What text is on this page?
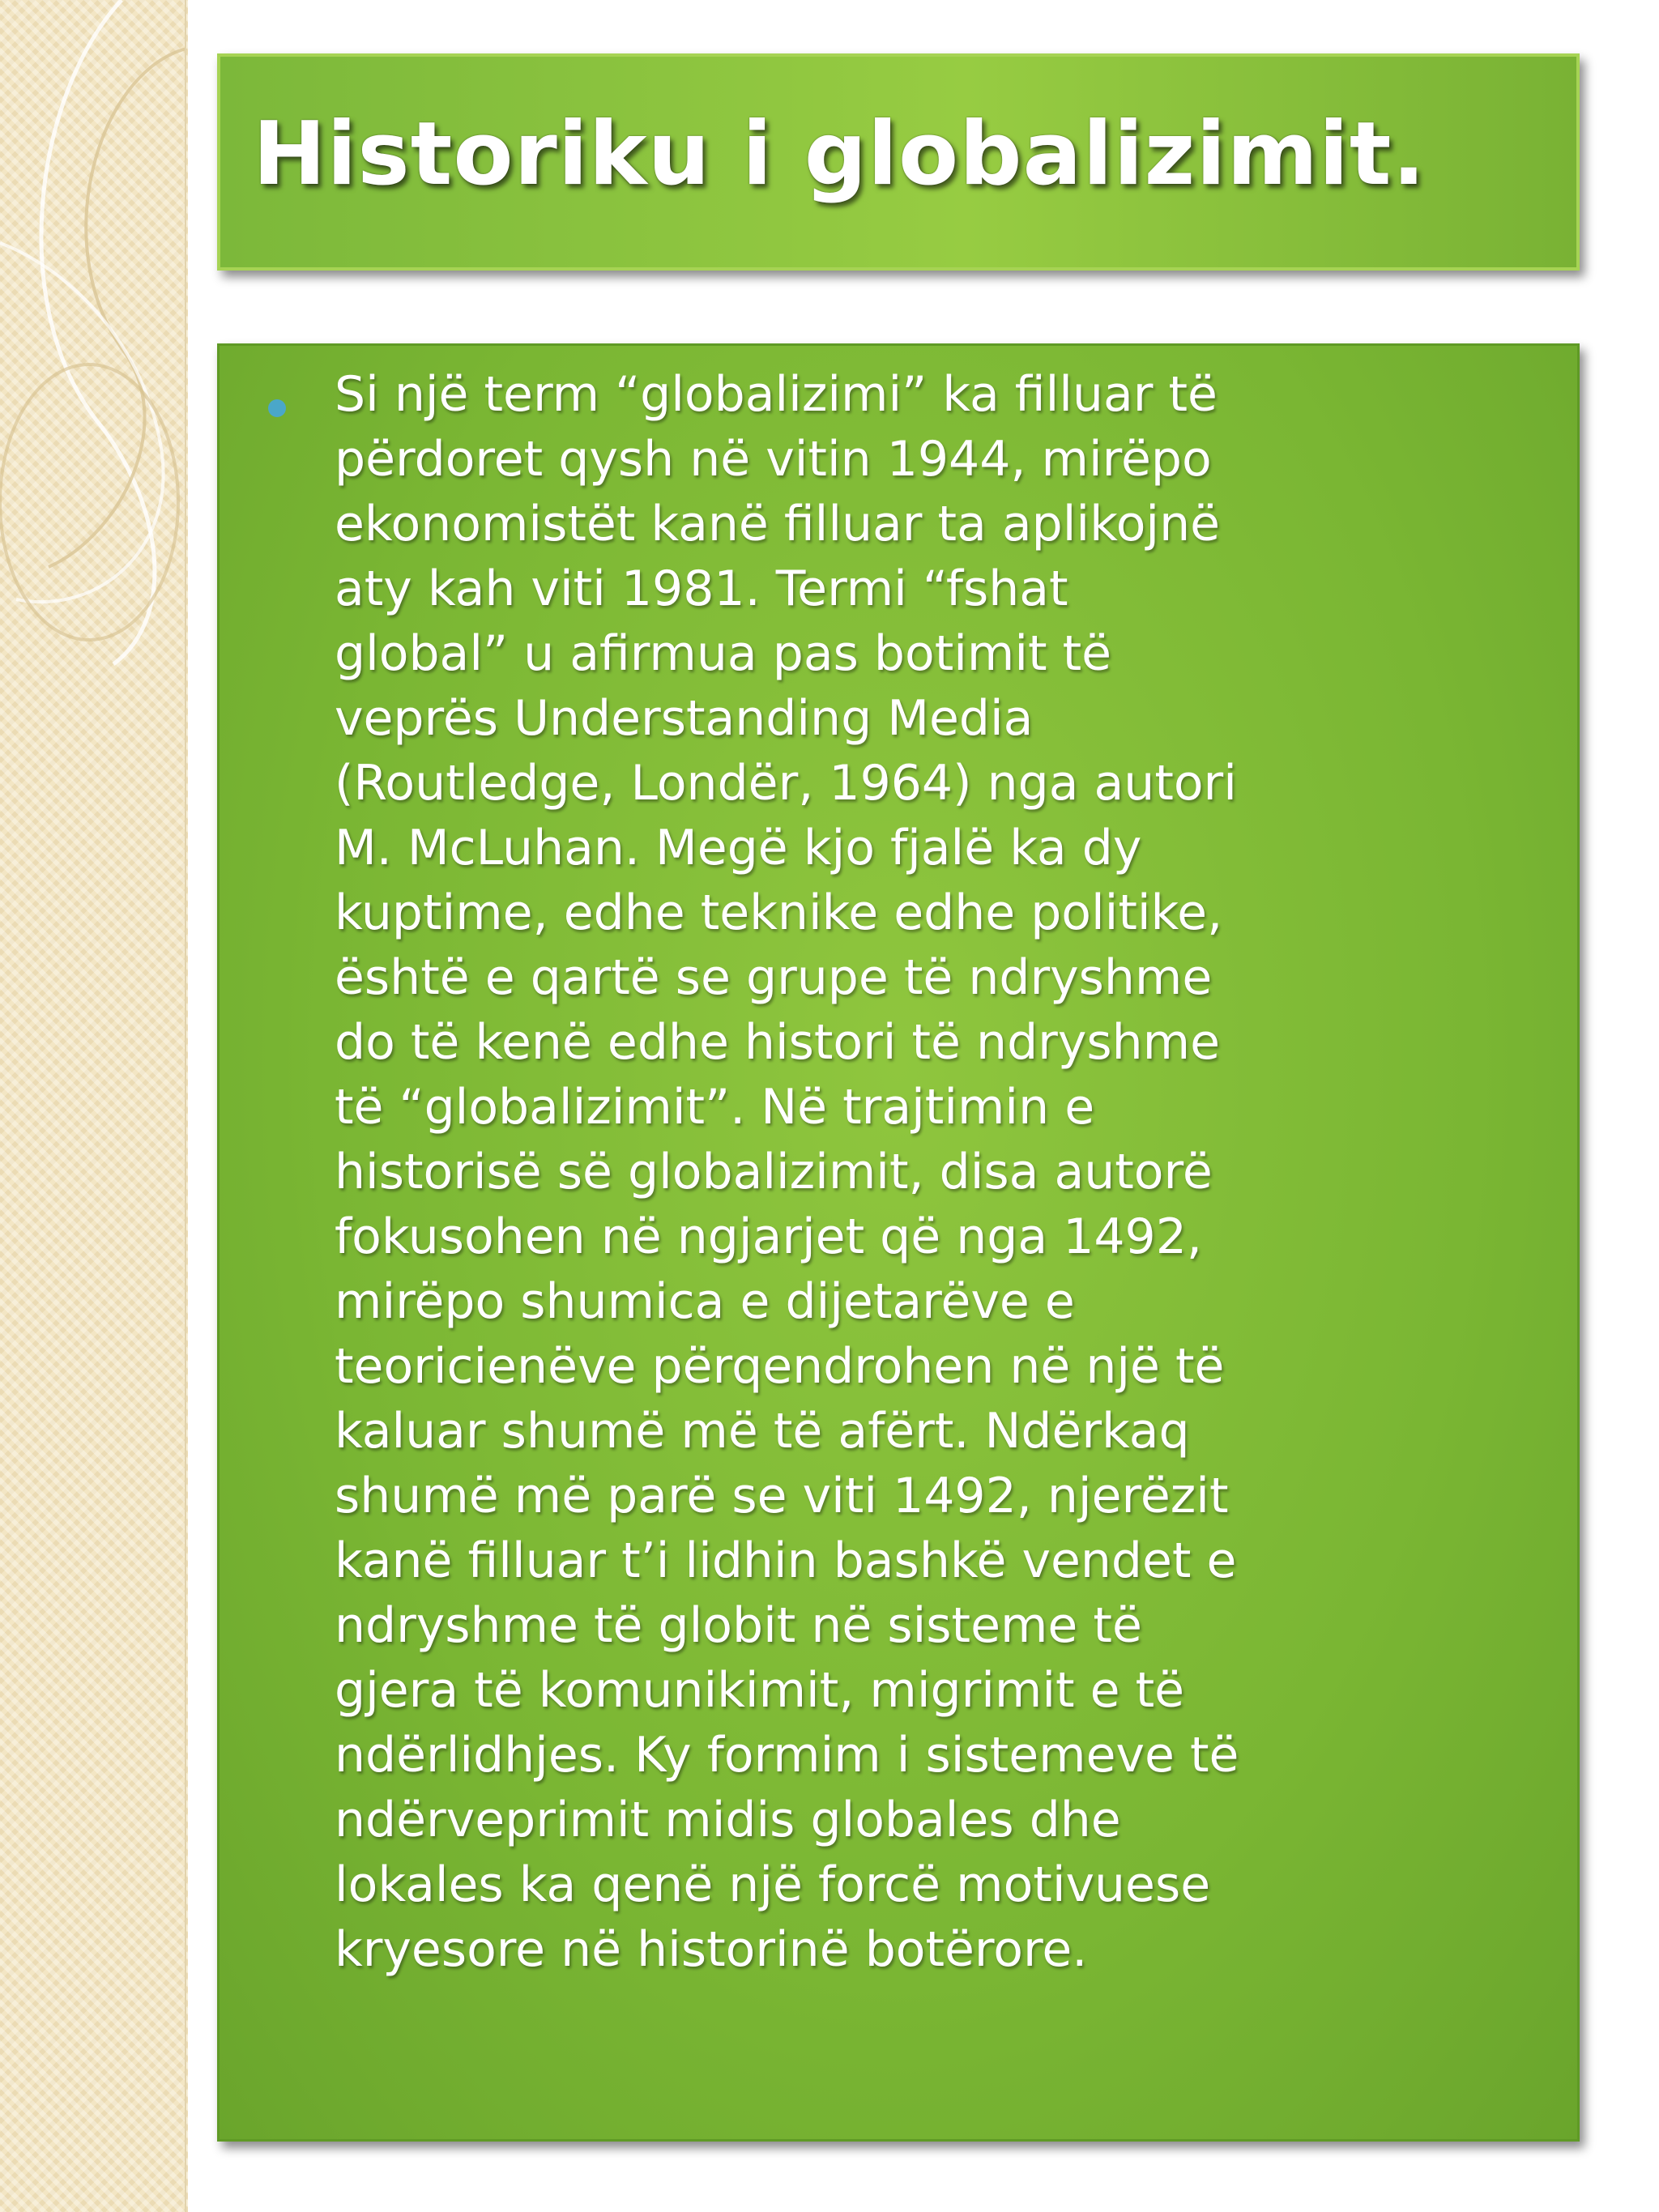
Historiku i globalizimit.

Si një term “globalizimi” ka filluar të
përdoret qysh në vitin 1944, mirëpo
ekonomistët kanë filluar ta aplikojnë
aty kah viti 1981. Termi “fshat
global” u afirmua pas botimit të
veprës Understanding Media
(Routledge, Londër, 1964) nga autori
M. McLuhan. Megë kjo fjalë ka dy
kuptime, edhe teknike edhe politike,
është e qartë se grupe të ndryshme
do të kenë edhe histori të ndryshme
të “globalizimit”. Në trajtimin e
historisë së globalizimit, disa autorë
fokusohen në ngjarjet që nga 1492,
mirëpo shumica e dijetarëve e
teoricienëve përqendrohen në një të
kaluar shumë më të afërt. Ndërkaq
shumë më parë se viti 1492, njerëzit
kanë filluar t’i lidhin bashkë vendet e
ndryshme të globit në sisteme të
gjera të komunikimit, migrimit e të
ndërlidhjes. Ky formim i sistemeve të
ndërveprimit midis globales dhe
lokales ka qenë një forcë motivuese
kryesore në historinë botërore.
